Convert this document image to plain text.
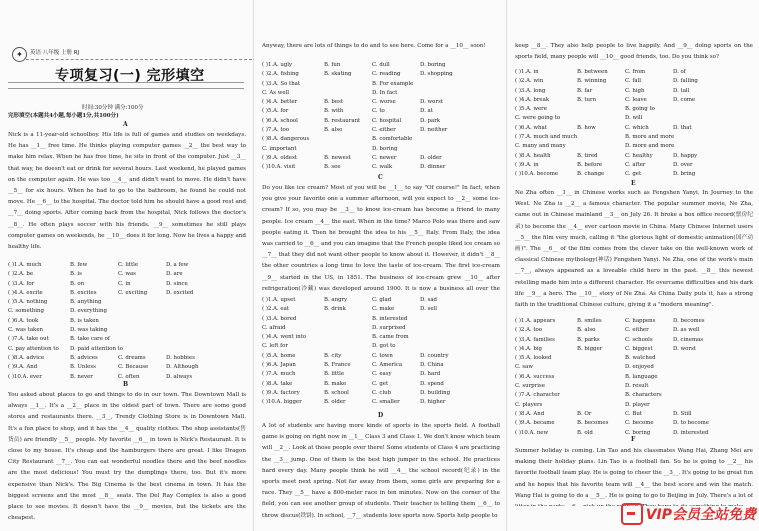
✦	英语 八年级 上册 RJ
专项复习(一) 完形填空
时间:30分钟 满分:100分
完形填空(本题共4小题,每小题1分,共100分)
A
Nick is a 11-year-old schoolboy. His life is full of games and studies on weekdays. He has __1__ free time. He thinks playing computer games __2__ the best way to make him relax. When he has free time, he sits in front of the computer. Just __3__ that way, he doesn't eat or drink for several hours. Last weekend, he played games on the computer again. He was too __4__ and didn't want to move. He didn't have __5__ for six hours. When he had to go to the bathroom, he found he could not move. He __6__ to the hospital. The doctor told him he should have a good rest and __7__ doing sports. After coming back from the hospital, Nick follows the doctor's __8__. He often plays soccer with his friends. __9__ sometimes he still plays computer games on weekends, he __10__ does it for long. Now he lives a happy and healthy life.
( )1.A. much	B. few	C. little	D. a few
( )2.A. be	B. is	C. was	D. are
( )3.A. for	B. on	C. in	D. since
( )4.A. excite	B. excites	C. exciting	D. excited
( )5.A. nothing	B. anything
C. something	D. everything
( )6.A. took	B. is taken
C. was taken	D. was taking
( )7.A. take out	B. take care of
C. pay attention to	D. paid attention to
( )8.A. advice	B. advices	C. dreams	D. hobbies
( )9.A. And	B. Unless	C. Because	D. Although
( )10.A. ever	B. never	C. often	D. always
B
You asked about places to go and things to do in our town. The Downtown Mall is always __1__. It's a __2__ place in the oldest part of town. There are some good stores and restaurants there. __3__, Trendy Clothing Store is in Downtown Mall. It's a fun place to shop, and it has the __4__ quality clothes. The shop assistants(售货员) are friendly __5__ people. My favorite __6__ in town is Nick's Restaurant. It is close to my house. It's cheap and the hamburgers there are great. I like Dragon City Restaurant __7__. You can eat wonderful noodles there and the beef noodles are the most delicious! You must try the dumplings there, too. But it's more expensive than Nick's. The Big Cinema is the best cinema in town. It has the biggest screens and the most __8__ seats. The Del Ray Complex is also a good place to see movies. It doesn't have the __9__ movies, but the tickets are the cheapest.
Anyway, there are lots of things to do and to see here. Come for a __10__ soon!
( )1.A. ugly	B. fun	C. dull	D. boring
( )2.A. fishing	B. skating	C. reading	D. shopping
( )3.A. So that	B. For example
C. As well	D. In fact
( )4.A. better	B. best	C. worse	D. worst
( )5.A. for	B. with	C. to	D. at
( )6.A. school	B. restaurant	C. hospital	D. park
( )7.A. too	B. also	C. either	D. neither
( )8.A. dangerous	B. comfortable
C. important	D. boring
( )9.A. oldest	B. newest	C. newer	D. older
( )10.A. visit	B. see	C. walk	D. dinner
C
Do you like ice cream? Most of you will be __1__ to say "Of course!" In fact, when you give your favorite one a summer afternoon, will you expect to __2__ some ice-cream? If so, you may be __3__ to know ice-cream has become a friend to many people. Ice cream __4__ the east. When in the time? Marco Polo was there and saw people eating it. Then he brought the idea to his __5__ Italy. From Italy, the idea was carried to __6__ and you can imagine that the French people liked ice cream so __7__ that they did not want other people to know about it. However, it didn't __8__ the other countries a long time to love the taste of ice-cream. The first ice-cream __9__ started in the US, in 1851. The business of ice-cream grew __10__ after refrigeration(冷藏) was developed around 1900. It is now a business all over the
( )1.A. upset	B. angry	C. glad	D. sad
( )2.A. eat	B. drink	C. make	D. sell
( )3.A. bored	B. interested
C. afraid	D. surprised
( )4.A. went into	B. came from
C. left for	D. got to
( )5.A. home	B. city	C. town	D. country
( )6.A. Japan	B. France	C. America	D. China
( )7.A. much	B. little	C. easy	D. hard
( )8.A. take	B. make	C. get	D. spend
( )9.A. factory	B. school	C. club	D. building
( )10.A. bigger	B. older	C. smaller	D. higher
D
A lot of students are having more kinds of sports in the sports field. A football game is going on right now in __1__ Class 3 and Class 1. We don't know which team will __2__. Look at those people over there! Some students of Class 4 are practicing the __3__ jump. One of them is the best high jumper in the school. He practices hard every day. Many people think he will __4__ the school record(纪录) in the sports meet next spring. Not far away from them, some girls are preparing for a race. They __5__ have a 800-meter race in ten minutes. Now on the corner of the field, you can see another group of students. Their teacher is telling them __6__ to throw discus(铁饼). In school, __7__ students love sports now. Sports help people to
keep __8__. They also help people to live happily. And __9__ doing sports on the sports field, many people will __10__ good friends, too. Do you think so?
( )1.A. in	B. between	C. from	D. of
( )2.A. win	B. winning	C. fall	D. falling
( )3.A. long	B. far	C. high	D. tall
( )4.A. break	B. turn	C. leave	D. come
( )5.A. were	B. going to
C. were going to	D. will
( )6.A. what	B. how	C. which	D. that
( )7.A. much and much	B. more and more
C. many and many	D. more and more
( )8.A. health	B. tired	C. healthy	D. happy
( )9.A. in	B. before	C. after	D. over
( )10.A. become	B. change	C. get	D. bring
E
Ne Zha often __1__ in Chinese works such as Fengshen Yanyi, In Journey to the West. Ne Zha is __2__ a famous character. The popular summer movie, Ne Zha, came out in Chinese mainland __3__ on July 26. It broke a box office record(票房纪录) to become the __4__ ever cartoon movie in China. Many Chinese Internet users __5__ the film very much, calling it "the glorious light of domestic animation(国产动画)". The __6__ of the film comes from the clever take on the well-known work of classical Chinese mythology(神话) Fengshen Yanyi. Ne Zha, one of the work's main __7__, always appeared as a loveable child hero in the past. __8__ this newest retelling made him into a different character. He overcame difficulties and his dark life __9__ a hero. The __10__ story of Ne Zha. As China Daily puts it, has a strong faith in the traditional Chinese culture, giving it a "modern meaning".
( )1.A. appears	B. smiles	C. happens	D. becomes
( )2.A. too	B. also	C. either	D. as well
( )3.A. families	B. parks	C. schools	D. cinemas
( )4.A. big	B. bigger	C. biggest	D. worst
( )5.A. looked	B. watched
C. saw	D. enjoyed
( )6.A. success	B. language
C. surprise	D. result
( )7.A. character	B. characters
C. players	D. player
( )8.A. And	B. Or	C. But	D. Still
( )9.A. became	B. becomes	C. become	D. to become
( )10.A. new	B. old	C. boring	D. interested
F
Summer holiday is coming. Lin Tao and his classmates Wang Hai, Zhang Mei are making their holiday plans. Lin Tao is a football fan. So he is going to __2__ his favorite football team play. He is going to cheer the __3__. It's going to be great fun and he hopes that his favorite team will __4__ the best score and win the match. Wang Hai is going to do a __5__. He is going to go to Beijing in July. There's a lot of
VIP会员全站免费
